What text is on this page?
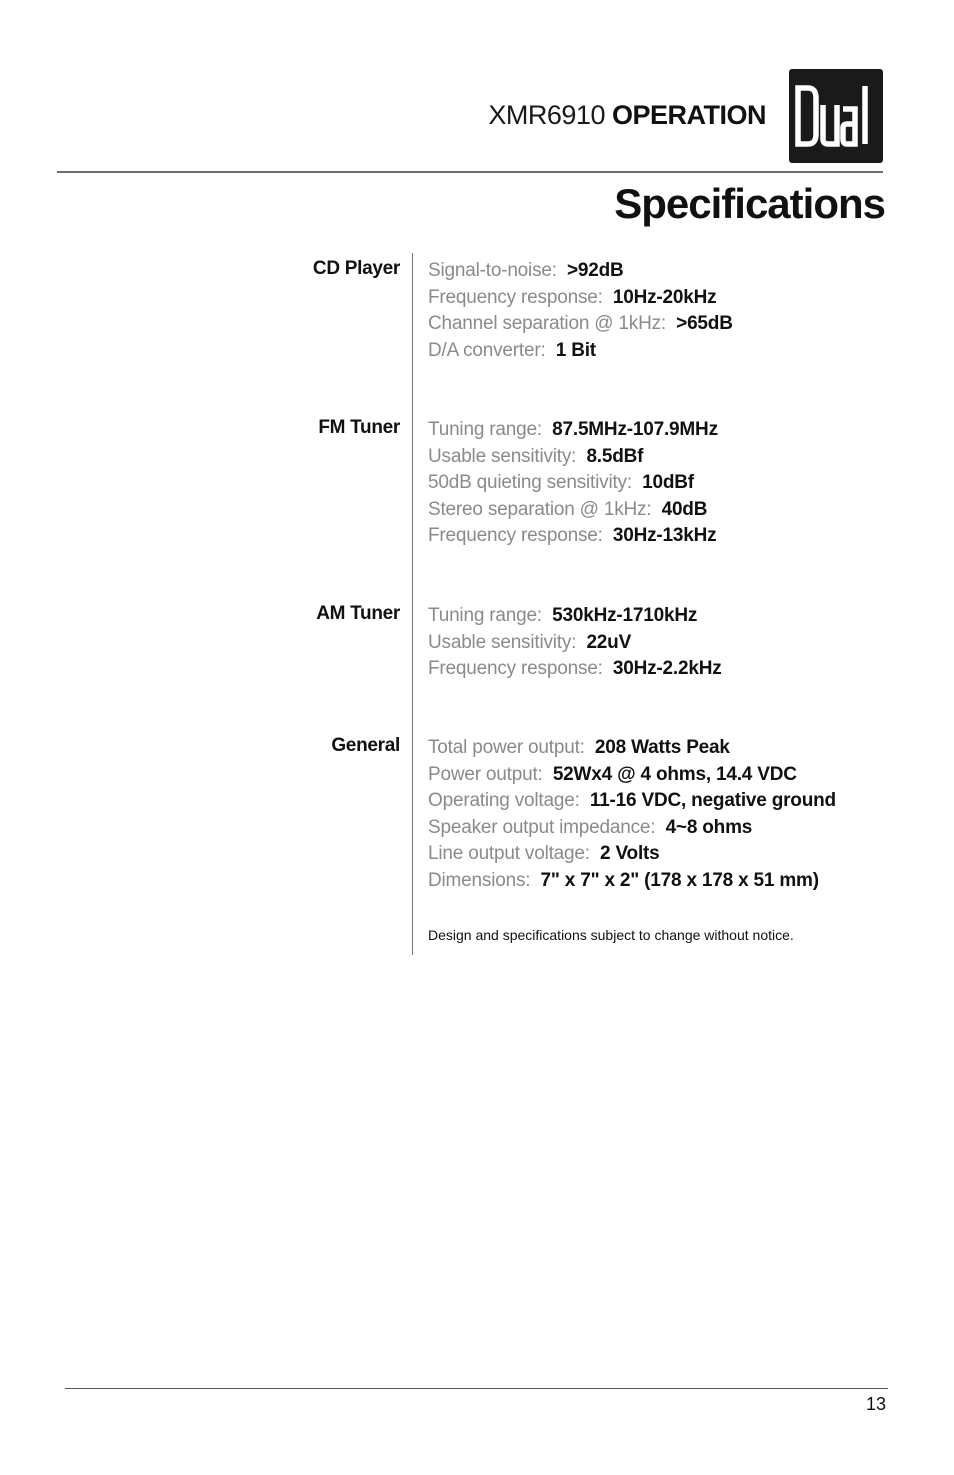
XMR6910 OPERATION
Specifications
CD Player Signal-to-noise: >92dB
Frequency response: 10Hz-20kHz
Channel separation @ 1kHz: >65dB
D/A converter: 1 Bit
FM Tuner Tuning range: 87.5MHz-107.9MHz
Usable sensitivity: 8.5dBf
50dB quieting sensitivity: 10dBf
Stereo separation @ 1kHz: 40dB
Frequency response: 30Hz-13kHz
AM Tuner Tuning range: 530kHz-1710kHz
Usable sensitivity: 22uV
Frequency response: 30Hz-2.2kHz
General Total power output: 208 Watts Peak
Power output: 52Wx4 @ 4 ohms, 14.4 VDC
Operating voltage: 11-16 VDC, negative ground
Speaker output impedance: 4~8 ohms
Line output voltage: 2 Volts
Dimensions: 7" x 7" x 2" (178 x 178 x 51 mm)
Design and specifications subject to change without notice.
13
